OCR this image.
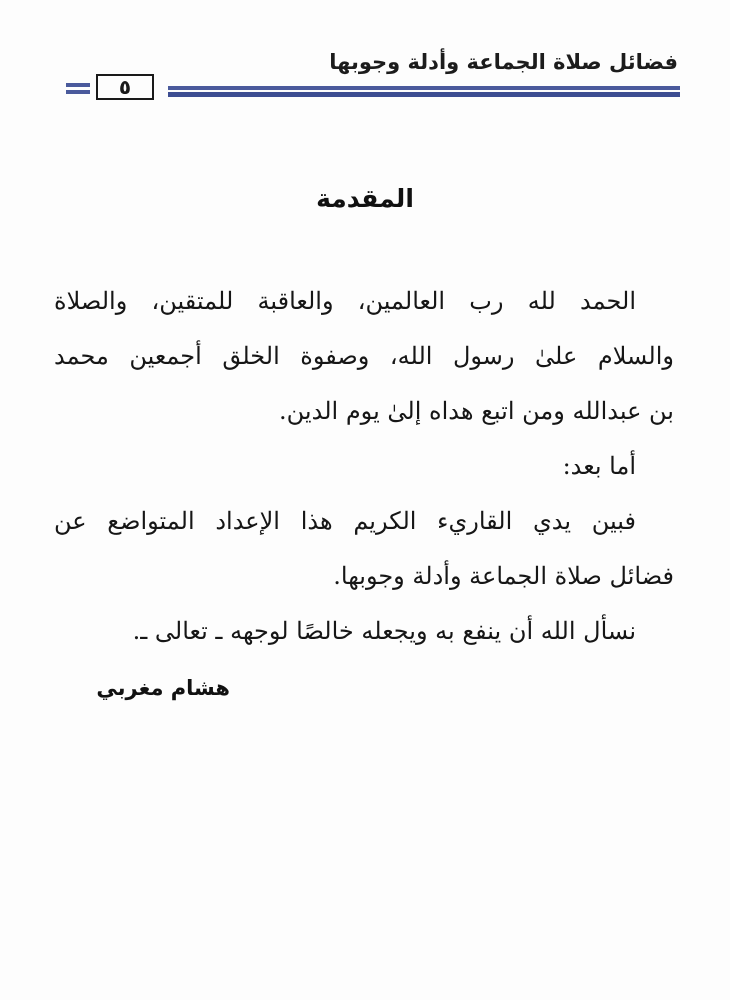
فضائل صلاة الجماعة وأدلة وجوبها
٥
المقدمة
الحمد لله رب العالمين، والعاقبة للمتقين، والصلاة
والسلام علىٰ رسول الله، وصفوة الخلق أجمعين محمد
بن عبدالله ومن اتبع هداه إلىٰ يوم الدين.
أما بعد:
فبين يدي القاريء الكريم هذا الإعداد المتواضع عن
فضائل صلاة الجماعة وأدلة وجوبها.
نسأل الله أن ينفع به ويجعله خالصًا لوجهه ـ تعالى ـ.
هشام مغربي
